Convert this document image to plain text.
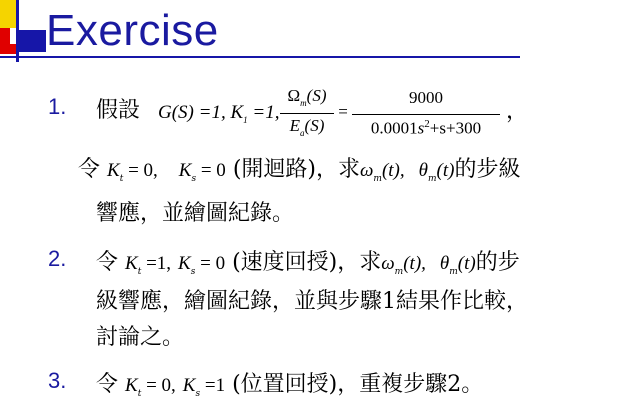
Exercise
1. 假設 G(S) =1, $K_1 =1$,
$\Omega_m(S)$
$E_a(S)$
=
9000
$0.0001s^2+s+300$
，
令 $K_t = 0$, $K_s = 0$ (開迴路)，求$\omega_m(t)$, $\theta_m(t)$的步級
響應，並繪圖紀錄。
2. 令 $K_t =1$, $K_s = 0$ (速度回授)，求$\omega_m(t)$, $\theta_m(t)$的步
級響應，繪圖紀錄，並與步驟1結果作比較，
討論之。
3. 令 $K_t = 0$, $K_s =1$ (位置回授)，重複步驟2。
